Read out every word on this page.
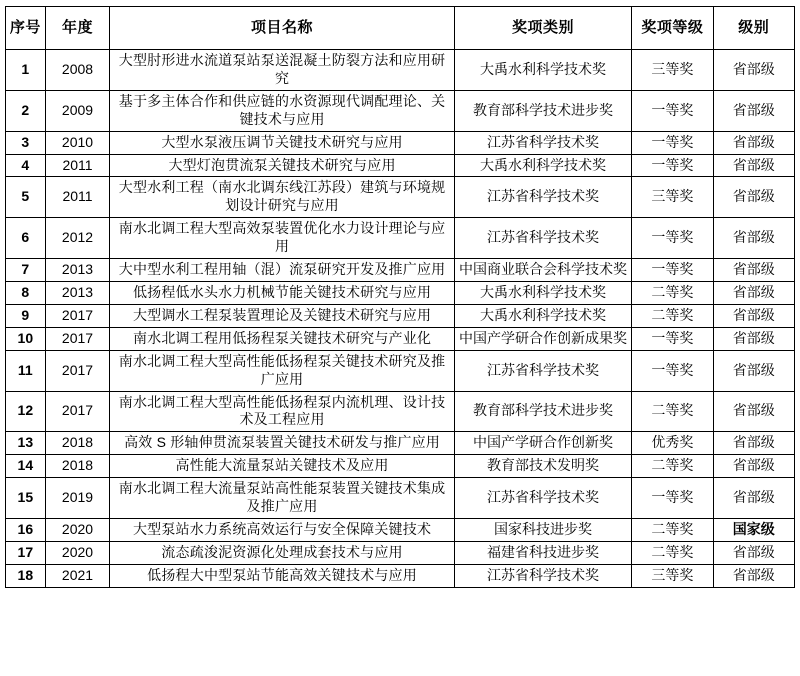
序号	年度	项目名称	奖项类别	奖项等级	级别
1	2008	大型肘形进水流道泵站泵送混凝土防裂方法和应用研究	大禹水利科学技术奖	三等奖	省部级
2	2009	基于多主体合作和供应链的水资源现代调配理论、关键技术与应用	教育部科学技术进步奖	一等奖	省部级
3	2010	大型水泵液压调节关键技术研究与应用	江苏省科学技术奖	一等奖	省部级
4	2011	大型灯泡贯流泵关键技术研究与应用	大禹水利科学技术奖	一等奖	省部级
5	2011	大型水利工程（南水北调东线江苏段）建筑与环境规划设计研究与应用	江苏省科学技术奖	三等奖	省部级
6	2012	南水北调工程大型高效泵装置优化水力设计理论与应用	江苏省科学技术奖	一等奖	省部级
7	2013	大中型水利工程用轴（混）流泵研究开发及推广应用	中国商业联合会科学技术奖	一等奖	省部级
8	2013	低扬程低水头水力机械节能关键技术研究与应用	大禹水利科学技术奖	二等奖	省部级
9	2017	大型调水工程泵装置理论及关键技术研究与应用	大禹水利科学技术奖	二等奖	省部级
10	2017	南水北调工程用低扬程泵关键技术研究与产业化	中国产学研合作创新成果奖	一等奖	省部级
11	2017	南水北调工程大型高性能低扬程泵关键技术研究及推广应用	江苏省科学技术奖	一等奖	省部级
12	2017	南水北调工程大型高性能低扬程泵内流机理、设计技术及工程应用	教育部科学技术进步奖	二等奖	省部级
13	2018	高效 S 形轴伸贯流泵装置关键技术研发与推广应用	中国产学研合作创新奖	优秀奖	省部级
14	2018	高性能大流量泵站关键技术及应用	教育部技术发明奖	二等奖	省部级
15	2019	南水北调工程大流量泵站高性能泵装置关键技术集成及推广应用	江苏省科学技术奖	一等奖	省部级
16	2020	大型泵站水力系统高效运行与安全保障关键技术	国家科技进步奖	二等奖	国家级
17	2020	流态疏浚泥资源化处理成套技术与应用	福建省科技进步奖	二等奖	省部级
18	2021	低扬程大中型泵站节能高效关键技术与应用	江苏省科学技术奖	三等奖	省部级
